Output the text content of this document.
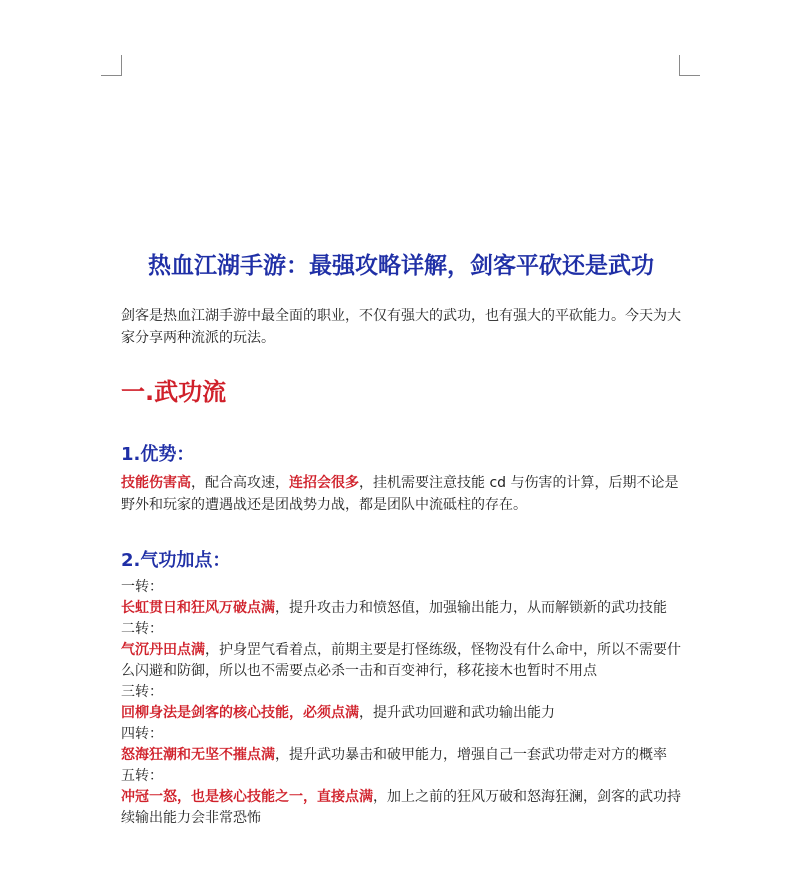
热血江湖手游：最强攻略详解，剑客平砍还是武功

剑客是热血江湖手游中最全面的职业，不仅有强大的武功，也有强大的平砍能力。今天为大家分享两种流派的玩法。

一.武功流
1.优势：

技能伤害高，配合高攻速，连招会很多，挂机需要注意技能 cd 与伤害的计算，后期不论是野外和玩家的遭遇战还是团战势力战，都是团队中流砥柱的存在。

2.气功加点：
一转：
长虹贯日和狂风万破点满，提升攻击力和愤怒值，加强输出能力，从而解锁新的武功技能
二转：
气沉丹田点满，护身罡气看着点，前期主要是打怪练级，怪物没有什么命中，所以不需要什么闪避和防御，所以也不需要点必杀一击和百变神行，移花接木也暂时不用点
三转：
回柳身法是剑客的核心技能，必须点满，提升武功回避和武功输出能力
四转：
怒海狂潮和无坚不摧点满，提升武功暴击和破甲能力，增强自己一套武功带走对方的概率
五转：
冲冠一怒，也是核心技能之一，直接点满，加上之前的狂风万破和怒海狂澜，剑客的武功持续输出能力会非常恐怖
